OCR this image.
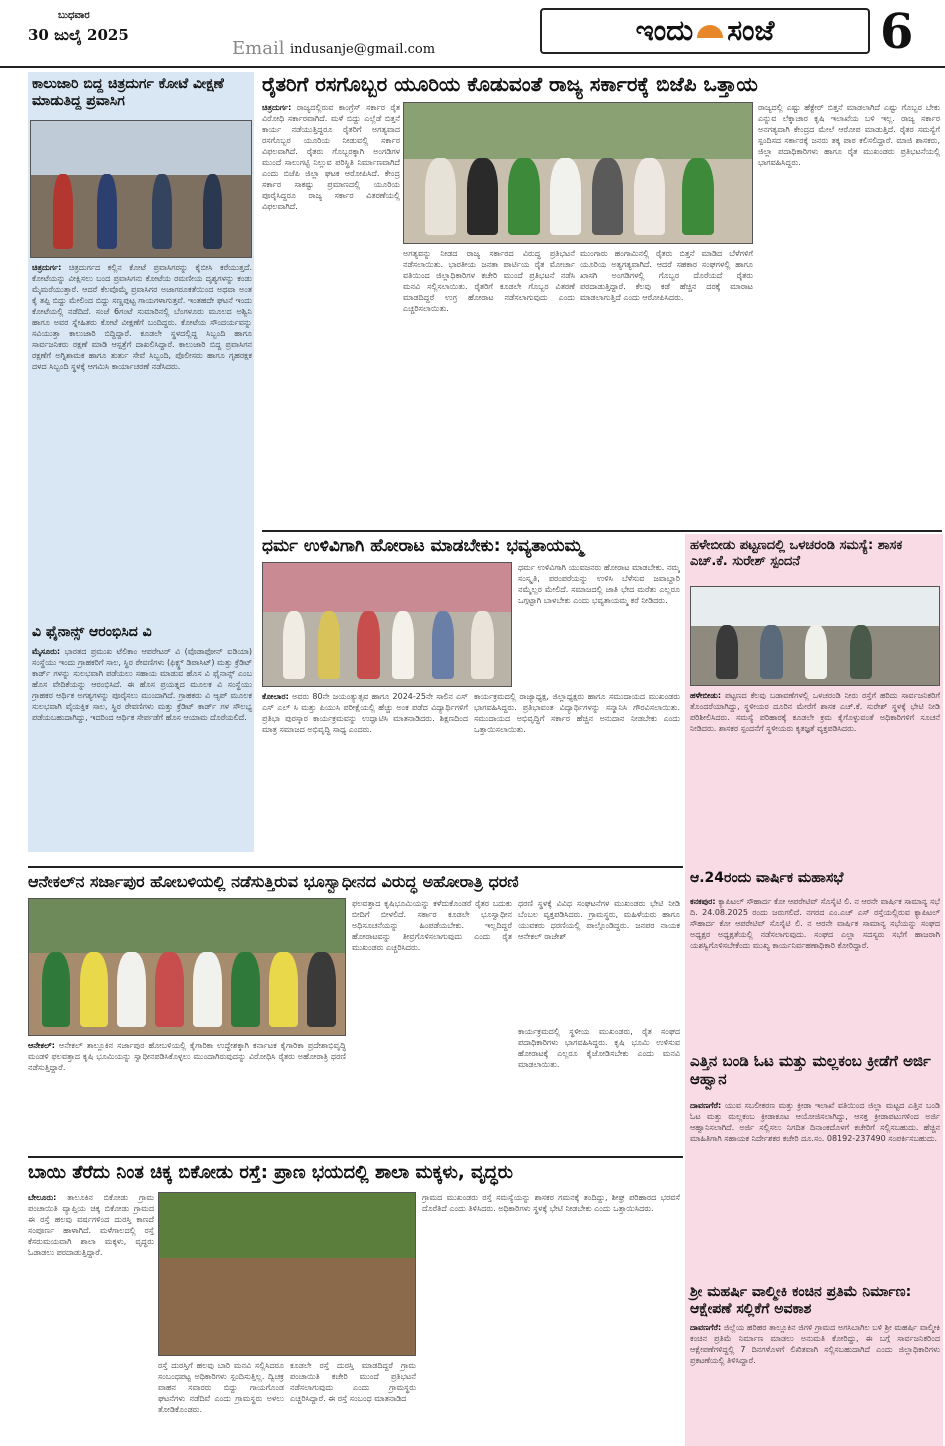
ಬುಧವಾರ
30 ಜುಲೈ 2025
Email indusanje@gmail.com
ಇಂದು ಸಂಜೆ 6
ಕಾಲುಜಾರಿ ಬಿದ್ದ ಚಿತ್ರದುರ್ಗ ಕೋಟೆ ವೀಕ್ಷಣೆ ಮಾಡುತಿದ್ದ ಪ್ರವಾಸಿಗ
ಚಿತ್ರದುರ್ಗ: ಚಿತ್ರದುರ್ಗದ ಕಲ್ಲಿನ ಕೋಟೆ ಪ್ರವಾಸಿಗರನ್ನು ಕೈಬೀಸಿ ಕರೆಯುತ್ತದೆ. ಕೋಟೆಯನ್ನು ವೀಕ್ಷಿಸಲು ಬಂದ ಪ್ರವಾಸಿಗನು ಕೋಟೆಯ ರಮಣೀಯ ದೃಶ್ಯಗಳನ್ನು ಕಂಡು ಮೈಮರೆಯುತ್ತಾರೆ. ಆದರೆ ಕೆಲವೊಮ್ಮೆ ಪ್ರವಾಸಿಗರ ಅಜಾಗರೂಕತೆಯಿಂದ ಅಥವಾ ಅಂತ ಕೈ ತಪ್ಪಿ ಬಿದ್ದು ಮೇಲಿಂದ ಬಿದ್ದು ಸಣ್ಣಪುಟ್ಟ ಗಾಯಗಳಾಗುತ್ತವೆ. ಇಂತಹದೇ ಘಟನೆ ಇಂದು ಕೋಟೆಯಲ್ಲಿ ನಡೆದಿದೆ. ಸಂಜೆ 6ಗಂಟೆ ಸುಮಾರಿನಲ್ಲಿ ಬೆಂಗಳೂರು ಮೂಲದ ಅಶ್ವಿನಿ ಹಾಗೂ ಅವರ ಸ್ನೇಹಿತರು ಕೋಟೆ ವೀಕ್ಷಣೆಗೆ ಬಂದಿದ್ದರು. ಕೋಟೆಯ ಸೌಂದರ್ಯವನ್ನು ಸವಿಯುತ್ತಾ ಕಾಲುಜಾರಿ ಬಿದ್ದಿದ್ದಾರೆ. ಕೂಡಲೇ ಸ್ಥಳದಲ್ಲಿದ್ದ ಸಿಬ್ಬಂದಿ ಹಾಗೂ ಸಾರ್ವಜನಿಕರು ರಕ್ಷಣೆ ಮಾಡಿ ಆಸ್ಪತ್ರೆಗೆ ದಾಖಲಿಸಿದ್ದಾರೆ. ಕಾಲುಜಾರಿ ಬಿದ್ದ ಪ್ರವಾಸಿಗನ ರಕ್ಷಣೆಗೆ ಅಗ್ನಿಶಾಮಕ ಹಾಗೂ ತುರ್ತು ಸೇವೆ ಸಿಬ್ಬಂದಿ, ಪೊಲೀಸರು ಹಾಗೂ ಗೃಹರಕ್ಷಕ ದಳದ ಸಿಬ್ಬಂದಿ ಸ್ಥಳಕ್ಕೆ ಆಗಮಿಸಿ ಕಾರ್ಯಾಚರಣೆ ನಡೆಸಿದರು.
ವಿ ಫೈನಾನ್ಸ್ ಆರಂಭಿಸಿದ ವಿ
ಮೈಸೂರು: ಭಾರತದ ಪ್ರಮುಖ ಟೆಲಿಕಾಂ ಆಪರೇಟರ್ ವಿ (ವೊಡಾಫೋನ್ ಐಡಿಯಾ) ಸಂಸ್ಥೆಯು ಇಂದು ಗ್ರಾಹಕರಿಗೆ ಸಾಲ, ಸ್ಥಿರ ಠೇವಣಿಗಳು (ಫಿಕ್ಸ್ಡ್ ಡಿಪಾಸಿಟ್) ಮತ್ತು ಕ್ರೆಡಿಟ್ ಕಾರ್ಡ್ ಗಳನ್ನು ಸುಲಭವಾಗಿ ಪಡೆಯಲು ಸಹಾಯ ಮಾಡುವ ಹೊಸ ವಿ ಫೈನಾನ್ಸ್ ಎಂಬ ಹೊಸ ವೇದಿಕೆಯನ್ನು ಆರಂಭಿಸಿದೆ. ಈ ಹೊಸ ಪ್ರಯತ್ನದ ಮೂಲಕ ವಿ ಸಂಸ್ಥೆಯು ಗ್ರಾಹಕರ ಆರ್ಥಿಕ ಅಗತ್ಯಗಳನ್ನು ಪೂರೈಸಲು ಮುಂದಾಗಿದೆ. ಗ್ರಾಹಕರು ವಿ ಆ್ಯಪ್ ಮೂಲಕ ಸುಲಭವಾಗಿ ವೈಯಕ್ತಿಕ ಸಾಲ, ಸ್ಥಿರ ಠೇವಣಿಗಳು ಮತ್ತು ಕ್ರೆಡಿಟ್ ಕಾರ್ಡ್ ಗಳ ಸೌಲಭ್ಯ ಪಡೆಯಬಹುದಾಗಿದ್ದು, ಇದರಿಂದ ಆರ್ಥಿಕ ಸೇರ್ಪಡೆಗೆ ಹೊಸ ಆಯಾಮ ದೊರೆಯಲಿದೆ.
ರೈತರಿಗೆ ರಸಗೊಬ್ಬರ ಯೂರಿಯ ಕೊಡುವಂತೆ ರಾಜ್ಯ ಸರ್ಕಾರಕ್ಕೆ ಬಿಜೆಪಿ ಒತ್ತಾಯ
ಚಿತ್ರದುರ್ಗ: ರಾಜ್ಯದಲ್ಲಿರುವ ಕಾಂಗ್ರೆಸ್ ಸರ್ಕಾರ ರೈತ ವಿರೋಧಿ ಸರ್ಕಾರವಾಗಿದೆ. ಮಳೆ ಬಿದ್ದು ಎಲ್ಲೆಡೆ ಬಿತ್ತನೆ ಕಾರ್ಯ ನಡೆಯುತ್ತಿದ್ದರೂ ರೈತರಿಗೆ ಅಗತ್ಯವಾದ ರಸಗೊಬ್ಬರ ಯೂರಿಯ ನೀಡುವಲ್ಲಿ ಸರ್ಕಾರ ವಿಫಲವಾಗಿದೆ. ರೈತರು ಗೊಬ್ಬರಕ್ಕಾಗಿ ಅಂಗಡಿಗಳ ಮುಂದೆ ಸಾಲುಗಟ್ಟಿ ನಿಲ್ಲುವ ಪರಿಸ್ಥಿತಿ ನಿರ್ಮಾಣವಾಗಿದೆ ಎಂದು ಬಿಜೆಪಿ ಜಿಲ್ಲಾ ಘಟಕ ಆರೋಪಿಸಿದೆ. ಕೇಂದ್ರ ಸರ್ಕಾರ ಸಾಕಷ್ಟು ಪ್ರಮಾಣದಲ್ಲಿ ಯೂರಿಯ ಪೂರೈಸಿದ್ದರೂ ರಾಜ್ಯ ಸರ್ಕಾರ ವಿತರಣೆಯಲ್ಲಿ ವಿಫಲವಾಗಿದೆ.
ಅಗತ್ಯವನ್ನು ನೀಡದ ರಾಜ್ಯ ಸರ್ಕಾರದ ವಿರುದ್ಧ ಪ್ರತಿಭಟನೆ ನಡೆಸಲಾಯಿತು. ಭಾರತೀಯ ಜನತಾ ಪಾರ್ಟಿಯ ರೈತ ಮೋರ್ಚಾ ವತಿಯಿಂದ ಜಿಲ್ಲಾಧಿಕಾರಿಗಳ ಕಚೇರಿ ಮುಂದೆ ಪ್ರತಿಭಟನೆ ನಡೆಸಿ ಮನವಿ ಸಲ್ಲಿಸಲಾಯಿತು. ರೈತರಿಗೆ ಕೂಡಲೇ ಗೊಬ್ಬರ ವಿತರಣೆ ಮಾಡದಿದ್ದರೆ ಉಗ್ರ ಹೋರಾಟ ನಡೆಸಲಾಗುವುದು ಎಂದು ಎಚ್ಚರಿಸಲಾಯಿತು.
ಮುಂಗಾರು ಹಂಗಾಮಿನಲ್ಲಿ ರೈತರು ಬಿತ್ತನೆ ಮಾಡಿದ ಬೆಳೆಗಳಿಗೆ ಯೂರಿಯ ಅತ್ಯಗತ್ಯವಾಗಿದೆ. ಆದರೆ ಸಹಕಾರ ಸಂಘಗಳಲ್ಲಿ ಹಾಗೂ ಖಾಸಗಿ ಅಂಗಡಿಗಳಲ್ಲಿ ಗೊಬ್ಬರ ದೊರೆಯದೆ ರೈತರು ಪರದಾಡುತ್ತಿದ್ದಾರೆ. ಕೆಲವು ಕಡೆ ಹೆಚ್ಚಿನ ದರಕ್ಕೆ ಮಾರಾಟ ಮಾಡಲಾಗುತ್ತಿದೆ ಎಂದು ಆರೋಪಿಸಿದರು.
ರಾಜ್ಯದಲ್ಲಿ ಎಷ್ಟು ಹೆಕ್ಟೇರ್ ಬಿತ್ತನೆ ಮಾಡಲಾಗಿದೆ ಎಷ್ಟು ಗೊಬ್ಬರ ಬೇಕು ಎನ್ನುವ ಲೆಕ್ಕಾಚಾರ ಕೃಷಿ ಇಲಾಖೆಯ ಬಳಿ ಇಲ್ಲ. ರಾಜ್ಯ ಸರ್ಕಾರ ಅನಗತ್ಯವಾಗಿ ಕೇಂದ್ರದ ಮೇಲೆ ಆರೋಪ ಮಾಡುತ್ತಿದೆ. ರೈತರ ಸಮಸ್ಯೆಗೆ ಸ್ಪಂದಿಸದ ಸರ್ಕಾರಕ್ಕೆ ಜನರು ತಕ್ಕ ಪಾಠ ಕಲಿಸಲಿದ್ದಾರೆ. ಮಾಜಿ ಶಾಸಕರು, ಜಿಲ್ಲಾ ಪದಾಧಿಕಾರಿಗಳು ಹಾಗೂ ರೈತ ಮುಖಂಡರು ಪ್ರತಿಭಟನೆಯಲ್ಲಿ ಭಾಗವಹಿಸಿದ್ದರು.
ಧರ್ಮ ಉಳಿವಿಗಾಗಿ ಹೋರಾಟ ಮಾಡಬೇಕು: ಭವ್ಯತಾಯಮ್ಮ
ಧರ್ಮ ಉಳಿವಿಗಾಗಿ ಯುವಜನರು ಹೋರಾಟ ಮಾಡಬೇಕು. ನಮ್ಮ ಸಂಸ್ಕೃತಿ, ಪರಂಪರೆಯನ್ನು ಉಳಿಸಿ ಬೆಳೆಸುವ ಜವಾಬ್ದಾರಿ ನಮ್ಮೆಲ್ಲರ ಮೇಲಿದೆ. ಸಮಾಜದಲ್ಲಿ ಜಾತಿ ಭೇದ ಮರೆತು ಎಲ್ಲರೂ ಒಗ್ಗಟ್ಟಾಗಿ ಬಾಳಬೇಕು ಎಂದು ಭವ್ಯತಾಯಮ್ಮ ಕರೆ ನೀಡಿದರು.
ಕೋಲಾರ: ಅವರು 80ನೇ ಜಯಂತ್ಯುತ್ಸವ ಹಾಗೂ 2024-25ನೇ ಸಾಲಿನ ಎಸ್ ಎಸ್ ಎಲ್ ಸಿ ಮತ್ತು ಪಿಯುಸಿ ಪರೀಕ್ಷೆಯಲ್ಲಿ ಹೆಚ್ಚು ಅಂಕ ಪಡೆದ ವಿದ್ಯಾರ್ಥಿಗಳಿಗೆ ಪ್ರತಿಭಾ ಪುರಸ್ಕಾರ ಕಾರ್ಯಕ್ರಮವನ್ನು ಉದ್ಘಾಟಿಸಿ ಮಾತನಾಡಿದರು. ಶಿಕ್ಷಣದಿಂದ ಮಾತ್ರ ಸಮಾಜದ ಅಭಿವೃದ್ಧಿ ಸಾಧ್ಯ ಎಂದರು.
ಕಾರ್ಯಕ್ರಮದಲ್ಲಿ ರಾಜ್ಯಾಧ್ಯಕ್ಷ, ಜಿಲ್ಲಾಧ್ಯಕ್ಷರು ಹಾಗೂ ಸಮುದಾಯದ ಮುಖಂಡರು ಭಾಗವಹಿಸಿದ್ದರು. ಪ್ರತಿಭಾವಂತ ವಿದ್ಯಾರ್ಥಿಗಳನ್ನು ಸನ್ಮಾನಿಸಿ ಗೌರವಿಸಲಾಯಿತು. ಸಮುದಾಯದ ಅಭಿವೃದ್ಧಿಗೆ ಸರ್ಕಾರ ಹೆಚ್ಚಿನ ಅನುದಾನ ನೀಡಬೇಕು ಎಂದು ಒತ್ತಾಯಿಸಲಾಯಿತು.
ಹಳೇಬೀಡು ಪಟ್ಟಣದಲ್ಲಿ ಒಳಚರಂಡಿ ಸಮಸ್ಯೆ: ಶಾಸಕ ಎಚ್.ಕೆ. ಸುರೇಶ್ ಸ್ಪಂದನೆ
ಹಳೇಬೀಡು: ಪಟ್ಟಣದ ಕೆಲವು ಬಡಾವಣೆಗಳಲ್ಲಿ ಒಳಚರಂಡಿ ನೀರು ರಸ್ತೆಗೆ ಹರಿದು ಸಾರ್ವಜನಿಕರಿಗೆ ತೊಂದರೆಯಾಗಿದ್ದು, ಸ್ಥಳೀಯರ ದೂರಿನ ಮೇರೆಗೆ ಶಾಸಕ ಎಚ್.ಕೆ. ಸುರೇಶ್ ಸ್ಥಳಕ್ಕೆ ಭೇಟಿ ನೀಡಿ ಪರಿಶೀಲಿಸಿದರು. ಸಮಸ್ಯೆ ಪರಿಹಾರಕ್ಕೆ ಕೂಡಲೇ ಕ್ರಮ ಕೈಗೊಳ್ಳುವಂತೆ ಅಧಿಕಾರಿಗಳಿಗೆ ಸೂಚನೆ ನೀಡಿದರು. ಶಾಸಕರ ಸ್ಪಂದನೆಗೆ ಸ್ಥಳೀಯರು ಕೃತಜ್ಞತೆ ವ್ಯಕ್ತಪಡಿಸಿದರು.
ಆ.24ರಂದು ವಾರ್ಷಿಕ ಮಹಾಸಭೆ
ಕನಕಪುರ: ಕ್ಯಾಪಿಟಲ್ ಸೌಹಾರ್ದ ಕೋ ಆಪರೇಟಿವ್ ಸೊಸೈಟಿ ಲಿ. ನ ಆರನೇ ವಾರ್ಷಿಕ ಸಾಮಾನ್ಯ ಸಭೆ ದಿ. 24.08.2025 ರಂದು ಜರುಗಲಿದೆ. ನಗರದ ಎಂ.ಎಚ್ ಎಸ್ ರಸ್ತೆಯಲ್ಲಿರುವ ಕ್ಯಾಪಿಟಲ್ ಸೌಹಾರ್ದ ಕೋ ಆಪರೇಟಿವ್ ಸೊಸೈಟಿ ಲಿ. ನ ಆರನೇ ವಾರ್ಷಿಕ ಸಾಮಾನ್ಯ ಸಭೆಯನ್ನು ಸಂಘದ ಅಧ್ಯಕ್ಷರ ಅಧ್ಯಕ್ಷತೆಯಲ್ಲಿ ನಡೆಸಲಾಗುವುದು. ಸಂಘದ ಎಲ್ಲಾ ಸದಸ್ಯರು ಸಭೆಗೆ ಹಾಜರಾಗಿ ಯಶಸ್ವಿಗೊಳಿಸಬೇಕೆಂದು ಮುಖ್ಯ ಕಾರ್ಯನಿರ್ವಹಣಾಧಿಕಾರಿ ಕೋರಿದ್ದಾರೆ.
ಎತ್ತಿನ ಬಂಡಿ ಓಟ ಮತ್ತು ಮಲ್ಲಕಂಬ ಕ್ರೀಡೆಗೆ ಅರ್ಜಿ ಆಹ್ವಾನ
ದಾವಣಗೆರೆ: ಯುವ ಸಬಲೀಕರಣ ಮತ್ತು ಕ್ರೀಡಾ ಇಲಾಖೆ ವತಿಯಿಂದ ಜಿಲ್ಲಾ ಮಟ್ಟದ ಎತ್ತಿನ ಬಂಡಿ ಓಟ ಮತ್ತು ಮಲ್ಲಕಂಬ ಕ್ರೀಡಾಕೂಟ ಆಯೋಜಿಸಲಾಗಿದ್ದು, ಆಸಕ್ತ ಕ್ರೀಡಾಪಟುಗಳಿಂದ ಅರ್ಜಿ ಆಹ್ವಾನಿಸಲಾಗಿದೆ. ಅರ್ಜಿ ಸಲ್ಲಿಸಲು ನಿಗದಿತ ದಿನಾಂಕದೊಳಗೆ ಕಚೇರಿಗೆ ಸಲ್ಲಿಸಬಹುದು. ಹೆಚ್ಚಿನ ಮಾಹಿತಿಗಾಗಿ ಸಹಾಯಕ ನಿರ್ದೇಶಕರ ಕಚೇರಿ ದೂ.ಸಂ. 08192-237490 ಸಂಪರ್ಕಿಸಬಹುದು.
ಶ್ರೀ ಮಹರ್ಷಿ ವಾಲ್ಮೀಕಿ ಕಂಚಿನ ಪ್ರತಿಮೆ ನಿರ್ಮಾಣ: ಆಕ್ಷೇಪಣೆ ಸಲ್ಲಿಕೆಗೆ ಅವಕಾಶ
ದಾವಣಗೆರೆ: ಜಿಲ್ಲೆಯ ಹರಿಹರ ತಾಲ್ಲೂಕಿನ ಜಿಗಳಿ ಗ್ರಾಮದ ಅಗಸಿಬಾಗಿಲ ಬಳಿ ಶ್ರೀ ಮಹರ್ಷಿ ವಾಲ್ಮೀಕಿ ಕಂಚಿನ ಪ್ರತಿಮೆ ನಿರ್ಮಾಣ ಮಾಡಲು ಅನುಮತಿ ಕೋರಿದ್ದು, ಈ ಬಗ್ಗೆ ಸಾರ್ವಜನಿಕರಿಂದ ಆಕ್ಷೇಪಣೆಗಳಿದ್ದಲ್ಲಿ 7 ದಿನಗಳೊಳಗೆ ಲಿಖಿತವಾಗಿ ಸಲ್ಲಿಸಬಹುದಾಗಿದೆ ಎಂದು ಜಿಲ್ಲಾಧಿಕಾರಿಗಳು ಪ್ರಕಟಣೆಯಲ್ಲಿ ತಿಳಿಸಿದ್ದಾರೆ.
ಆನೇಕಲ್‌ನ ಸರ್ಜಾಪುರ ಹೋಬಳಿಯಲ್ಲಿ ನಡೆಸುತ್ತಿರುವ ಭೂಸ್ವಾಧೀನದ ವಿರುದ್ಧ ಅಹೋರಾತ್ರಿ ಧರಣಿ
ಆನೇಕಲ್: ಆನೇಕಲ್ ತಾಲ್ಲೂಕಿನ ಸರ್ಜಾಪುರ ಹೋಬಳಿಯಲ್ಲಿ ಕೈಗಾರಿಕಾ ಉದ್ದೇಶಕ್ಕಾಗಿ ಕರ್ನಾಟಕ ಕೈಗಾರಿಕಾ ಪ್ರದೇಶಾಭಿವೃದ್ಧಿ ಮಂಡಳಿ ಫಲವತ್ತಾದ ಕೃಷಿ ಭೂಮಿಯನ್ನು ಸ್ವಾಧೀನಪಡಿಸಿಕೊಳ್ಳಲು ಮುಂದಾಗಿರುವುದನ್ನು ವಿರೋಧಿಸಿ ರೈತರು ಅಹೋರಾತ್ರಿ ಧರಣಿ ನಡೆಸುತ್ತಿದ್ದಾರೆ.
ಫಲವತ್ತಾದ ಕೃಷಿಭೂಮಿಯನ್ನು ಕಳೆದುಕೊಂಡರೆ ರೈತರ ಬದುಕು ಬೀದಿಗೆ ಬೀಳಲಿದೆ. ಸರ್ಕಾರ ಕೂಡಲೇ ಭೂಸ್ವಾಧೀನ ಅಧಿಸೂಚನೆಯನ್ನು ಹಿಂಪಡೆಯಬೇಕು. ಇಲ್ಲದಿದ್ದರೆ ಹೋರಾಟವನ್ನು ತೀವ್ರಗೊಳಿಸಲಾಗುವುದು ಎಂದು ರೈತ ಮುಖಂಡರು ಎಚ್ಚರಿಸಿದರು.
ಧರಣಿ ಸ್ಥಳಕ್ಕೆ ವಿವಿಧ ಸಂಘಟನೆಗಳ ಮುಖಂಡರು ಭೇಟಿ ನೀಡಿ ಬೆಂಬಲ ವ್ಯಕ್ತಪಡಿಸಿದರು. ಗ್ರಾಮಸ್ಥರು, ಮಹಿಳೆಯರು ಹಾಗೂ ಯುವಕರು ಧರಣಿಯಲ್ಲಿ ಪಾಲ್ಗೊಂಡಿದ್ದರು. ಜನಪರ ನಾಯಕ ಆನೇಕಲ್ ರಾಜೇಶ್
ಕಾರ್ಯಕ್ರಮದಲ್ಲಿ ಸ್ಥಳೀಯ ಮುಖಂಡರು, ರೈತ ಸಂಘದ ಪದಾಧಿಕಾರಿಗಳು ಭಾಗವಹಿಸಿದ್ದರು. ಕೃಷಿ ಭೂಮಿ ಉಳಿಸುವ ಹೋರಾಟಕ್ಕೆ ಎಲ್ಲರೂ ಕೈಜೋಡಿಸಬೇಕು ಎಂದು ಮನವಿ ಮಾಡಲಾಯಿತು.
ಬಾಯಿ ತೆರೆದು ನಿಂತ ಚಿಕ್ಕ ಬಿಕೋಡು ರಸ್ತೆ: ಪ್ರಾಣ ಭಯದಲ್ಲಿ ಶಾಲಾ ಮಕ್ಕಳು, ವೃದ್ಧರು
ಬೇಲೂರು: ತಾಲೂಕಿನ ಬಿಕೋಡು ಗ್ರಾಮ ಪಂಚಾಯಿತಿ ವ್ಯಾಪ್ತಿಯ ಚಿಕ್ಕ ಬಿಕೋಡು ಗ್ರಾಮದ ಈ ರಸ್ತೆ ಹಲವು ವರ್ಷಗಳಿಂದ ದುರಸ್ತಿ ಕಾಣದೆ ಸಂಪೂರ್ಣ ಹಾಳಾಗಿದೆ. ಮಳೆಗಾಲದಲ್ಲಿ ರಸ್ತೆ ಕೆಸರುಮಯವಾಗಿ ಶಾಲಾ ಮಕ್ಕಳು, ವೃದ್ಧರು ಓಡಾಡಲು ಪರದಾಡುತ್ತಿದ್ದಾರೆ.
ರಸ್ತೆ ದುರಸ್ತಿಗೆ ಹಲವು ಬಾರಿ ಮನವಿ ಸಲ್ಲಿಸಿದರೂ ಸಂಬಂಧಪಟ್ಟ ಅಧಿಕಾರಿಗಳು ಸ್ಪಂದಿಸುತ್ತಿಲ್ಲ. ದ್ವಿಚಕ್ರ ವಾಹನ ಸವಾರರು ಬಿದ್ದು ಗಾಯಗೊಂಡ ಘಟನೆಗಳು ನಡೆದಿವೆ ಎಂದು ಗ್ರಾಮಸ್ಥರು ಅಳಲು ತೋಡಿಕೊಂಡರು.
ಕೂಡಲೇ ರಸ್ತೆ ದುರಸ್ತಿ ಮಾಡದಿದ್ದರೆ ಗ್ರಾಮ ಪಂಚಾಯಿತಿ ಕಚೇರಿ ಮುಂದೆ ಪ್ರತಿಭಟನೆ ನಡೆಸಲಾಗುವುದು ಎಂದು ಗ್ರಾಮಸ್ಥರು ಎಚ್ಚರಿಸಿದ್ದಾರೆ. ಈ ರಸ್ತೆ ಸಂಬಂಧ ಮಾತನಾಡಿದ
ಗ್ರಾಮದ ಮುಖಂಡರು ರಸ್ತೆ ಸಮಸ್ಯೆಯನ್ನು ಶಾಸಕರ ಗಮನಕ್ಕೆ ತಂದಿದ್ದು, ಶೀಘ್ರ ಪರಿಹಾರದ ಭರವಸೆ ದೊರೆತಿದೆ ಎಂದು ತಿಳಿಸಿದರು. ಅಧಿಕಾರಿಗಳು ಸ್ಥಳಕ್ಕೆ ಭೇಟಿ ನೀಡಬೇಕು ಎಂದು ಒತ್ತಾಯಿಸಿದರು.
